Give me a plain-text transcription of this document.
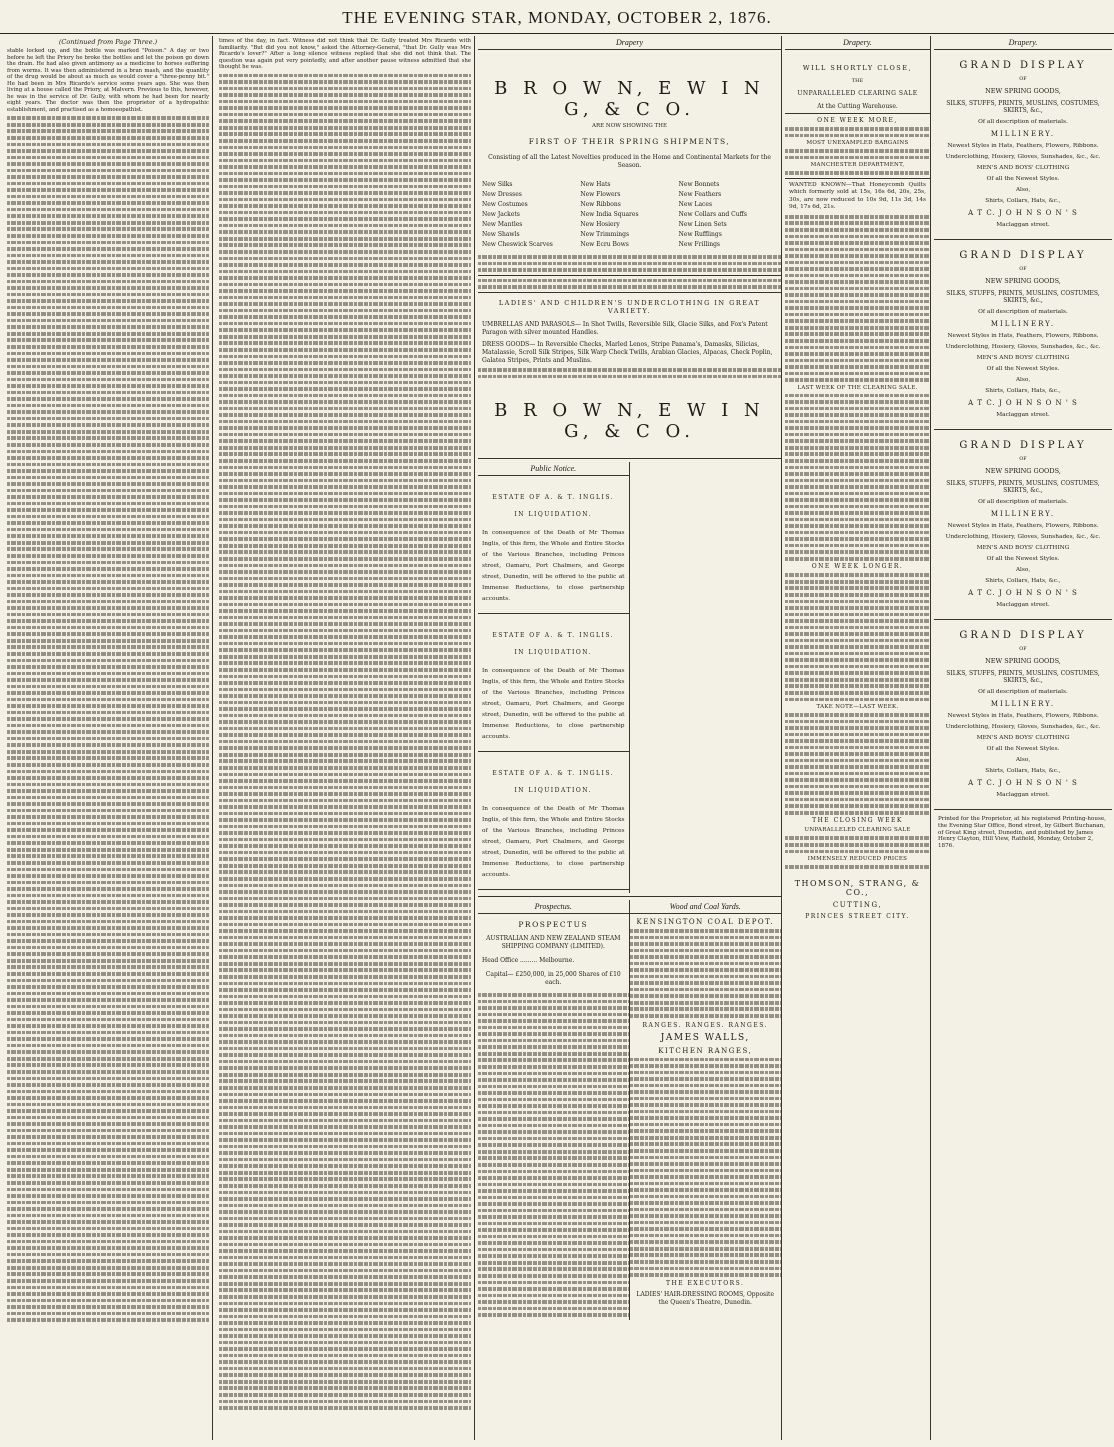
THE EVENING STAR, MONDAY, OCTOBER 2, 1876.
(Continued from Page Three.)
stable locked up, and the bottle was marked "Poison." A day or two before he left the Priory he broke the bottles and let the poison go down the drain. He had also given antimony as a medicine to horses suffering from worms. It was then administered in a bran mash, and the quantity of the drug would be about as much as would cover a "three-penny bit." He had been in Mrs Ricardo's service some years ago. She was then living at a house called the Priory, at Malvern. Previous to this, however, he was in the service of Dr. Gully, with whom he had been for nearly eight years. The doctor was then the proprietor of a hydropathic establishment, and practised as a homoeopathist.
times of the day, in fact. Witness did not think that Dr. Gully treated Mrs Ricardo with familiarity. "But did you not know," asked the Attorney-General, "that Dr. Gully was Mrs Ricardo's lover?" After a long silence witness replied that she did not think that. The question was again put very pointedly, and after another pause witness admitted that she thought he was.
Drapery
B R O W N, E W I N G, & C O.
ARE NOW SHOWING THE
FIRST OF THEIR SPRING SHIPMENTS,
Consisting of all the Latest Novelties produced in the Home and Continental Markets for the Season.
New Silks	New Hats	New Bonnets
New Dresses	New Flowers	New Feathers
New Costumes	New Ribbons	New Laces
New Jackets	New India Squares	New Collars and Cuffs
New Mantles	New Hosiery	New Linen Sets
New Shawls	New Trimmings	New Rufflings
New Cheswick Scarves	New Ecru Bows	New Frillings
LADIES' AND CHILDREN'S UNDERCLOTHING IN GREAT VARIETY.
UMBRELLAS AND PARASOLS— In Shot Twills, Reversible Silk, Glacie Silks, and Fox's Patent Paragon with silver mounted Handles.
DRESS GOODS— In Reversible Checks, Marled Lenos, Stripe Panama's, Damasks, Silicias, Matalassie, Scroll Silk Stripes, Silk Warp Check Twills, Arabian Glacies, Alpacas, Check Poplin, Galatea Stripes, Prints and Muslins.
B R O W N, E W I N G, & C O.
Public Notice.
ESTATE OF A. & T. INGLIS.
IN LIQUIDATION.
In consequence of the Death of Mr Thomas Inglis, of this firm, the Whole and Entire Stocks of the Various Branches, including Princes street, Oamaru, Port Chalmers, and George street, Dunedin, will be offered to the public at Immense Reductions, to close partnership accounts.
ESTATE OF A. & T. INGLIS.
IN LIQUIDATION.
In consequence of the Death of Mr Thomas Inglis, of this firm, the Whole and Entire Stocks of the Various Branches, including Princes street, Oamaru, Port Chalmers, and George street, Dunedin, will be offered to the public at Immense Reductions, to close partnership accounts.
ESTATE OF A. & T. INGLIS.
IN LIQUIDATION.
In consequence of the Death of Mr Thomas Inglis, of this firm, the Whole and Entire Stocks of the Various Branches, including Princes street, Oamaru, Port Chalmers, and George street, Dunedin, will be offered to the public at Immense Reductions, to close partnership accounts.
Prospectus.
PROSPECTUS
AUSTRALIAN AND NEW ZEALAND STEAM SHIPPING COMPANY (LIMITED).
Head Office ......... Melbourne.
Capital— £250,000, in 25,000 Shares of £10 each.
Wood and Coal Yards.
KENSINGTON COAL DEPOT.
RANGES. RANGES. RANGES.
JAMES WALLS,
KITCHEN RANGES,
THE EXECUTORS.
LADIES' HAIR-DRESSING ROOMS, Opposite the Queen's Theatre, Dunedin.
Drapery.
WILL SHORTLY CLOSE,
THE
UNPARALLELED CLEARING SALE
At the Cutting Warehouse.
ONE WEEK MORE,
MOST UNEXAMPLED BARGAINS
MANCHESTER DEPARTMENT,
WANTED KNOWN—That Honeycomb Quilts which formerly sold at 15s, 16s 6d, 20s, 25s, 30s, are now reduced to 10s 9d, 11s 3d, 14s 9d, 17s 6d, 21s.
LAST WEEK OF THE CLEARING SALE.
ONE WEEK LONGER.
TAKE NOTE—LAST WEEK.
THE CLOSING WEEK
UNPARALLELED CLEARING SALE
IMMENSELY REDUCED PRICES
THOMSON, STRANG, & CO.,
CUTTING,
PRINCES STREET CITY.
Drapery.
GRAND DISPLAY
OF
NEW SPRING GOODS,
SILKS, STUFFS, PRINTS, MUSLINS, COSTUMES, SKIRTS, &c.,
Of all description of materials.
MILLINERY.
Newest Styles in Hats, Feathers, Flowers, Ribbons.
Underclothing, Hosiery, Gloves, Sunshades, &c., &c.
MEN'S AND BOYS' CLOTHING
Of all the Newest Styles.
Also,
Shirts, Collars, Hats, &c.,
A T C. J O H N S O N ' S
Maclaggan street.
GRAND DISPLAY
OF
NEW SPRING GOODS,
SILKS, STUFFS, PRINTS, MUSLINS, COSTUMES, SKIRTS, &c.,
Of all description of materials.
MILLINERY.
Newest Styles in Hats, Feathers, Flowers, Ribbons.
Underclothing, Hosiery, Gloves, Sunshades, &c., &c.
MEN'S AND BOYS' CLOTHING
Of all the Newest Styles.
Also,
Shirts, Collars, Hats, &c.,
A T C. J O H N S O N ' S
Maclaggan street.
GRAND DISPLAY
OF
NEW SPRING GOODS,
SILKS, STUFFS, PRINTS, MUSLINS, COSTUMES, SKIRTS, &c.,
Of all description of materials.
MILLINERY.
Newest Styles in Hats, Feathers, Flowers, Ribbons.
Underclothing, Hosiery, Gloves, Sunshades, &c., &c.
MEN'S AND BOYS' CLOTHING
Of all the Newest Styles.
Also,
Shirts, Collars, Hats, &c.,
A T C. J O H N S O N ' S
Maclaggan street.
GRAND DISPLAY
OF
NEW SPRING GOODS,
SILKS, STUFFS, PRINTS, MUSLINS, COSTUMES, SKIRTS, &c.,
Of all description of materials.
MILLINERY.
Newest Styles in Hats, Feathers, Flowers, Ribbons.
Underclothing, Hosiery, Gloves, Sunshades, &c., &c.
MEN'S AND BOYS' CLOTHING
Of all the Newest Styles.
Also,
Shirts, Collars, Hats, &c.,
A T C. J O H N S O N ' S
Maclaggan street.
Printed for the Proprietor, at his registered Printing-house, the Evening Star Office, Bond street, by Gilbert Buchanan, of Great King street, Dunedin, and published by James Henry Clayton, Hill View, Ratfield, Monday, October 2, 1876.
